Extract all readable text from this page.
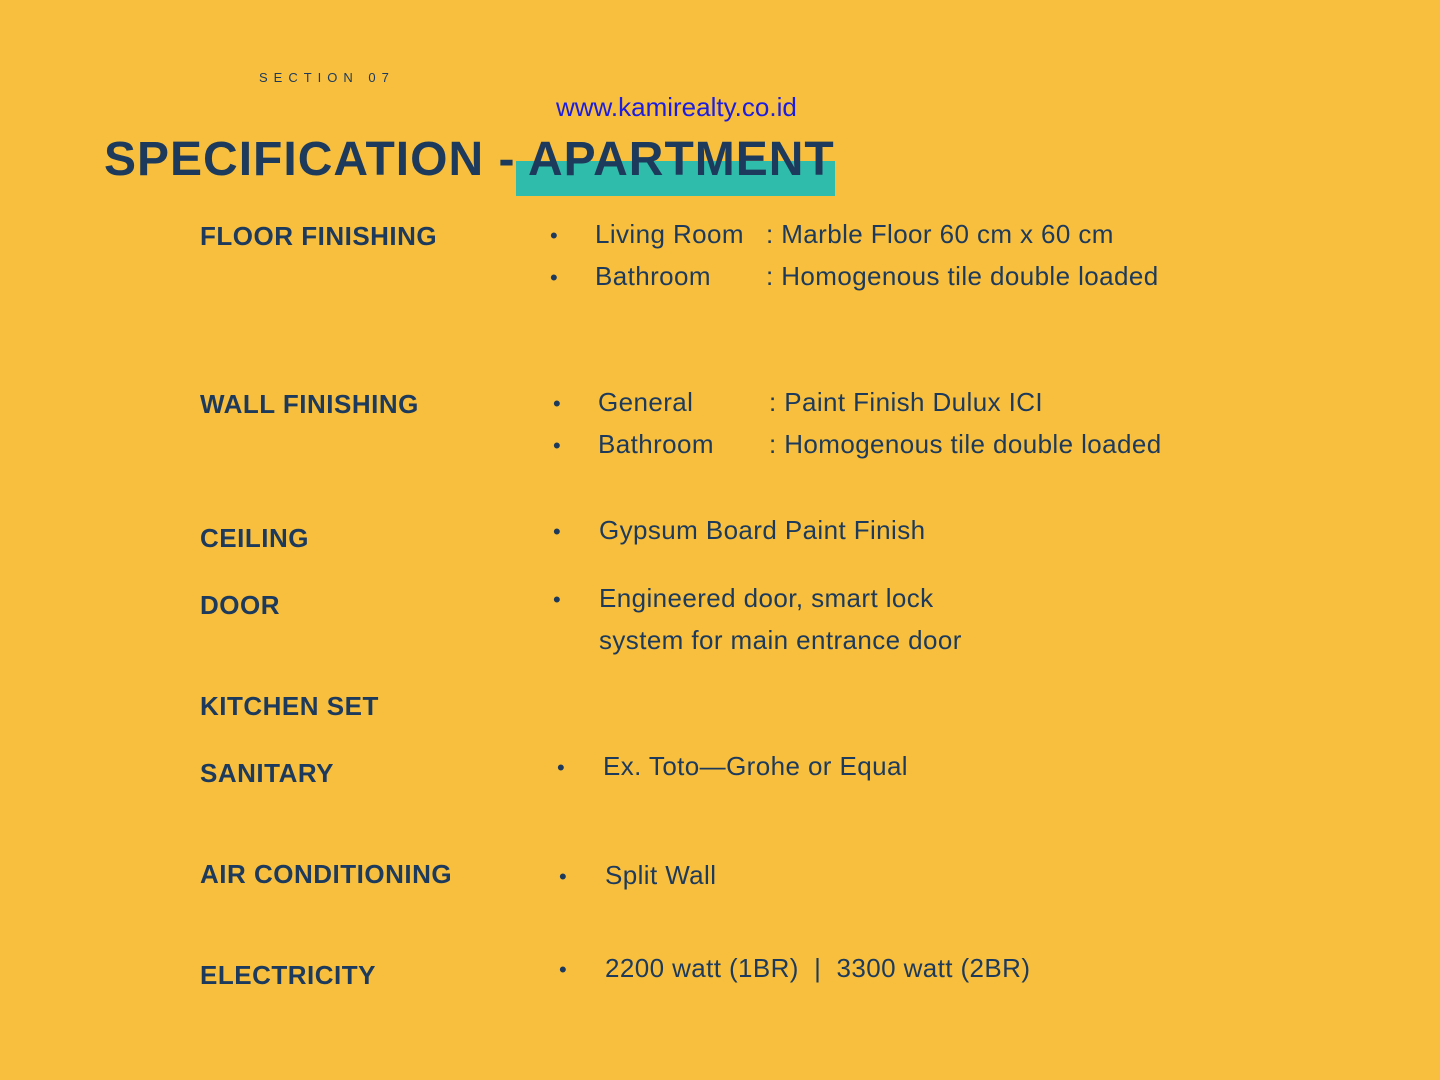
SECTION 07
www.kamirealty.co.id
SPECIFICATION - APARTMENT
FLOOR FINISHING	• Living Room : Marble Floor 60 cm x 60 cm
• Bathroom : Homogenous tile double loaded
WALL FINISHING	• General	: Paint Finish Dulux ICI
• Bathroom : Homogenous tile double loaded
CEILING	• Gypsum Board Paint Finish
DOOR	• Engineered door, smart lock
system for main entrance door
KITCHEN SET
SANITARY	• Ex. Toto—Grohe or Equal
AIR CONDITIONING	• Split Wall
ELECTRICITY	• 2200 watt (1BR)  |  3300 watt (2BR)
